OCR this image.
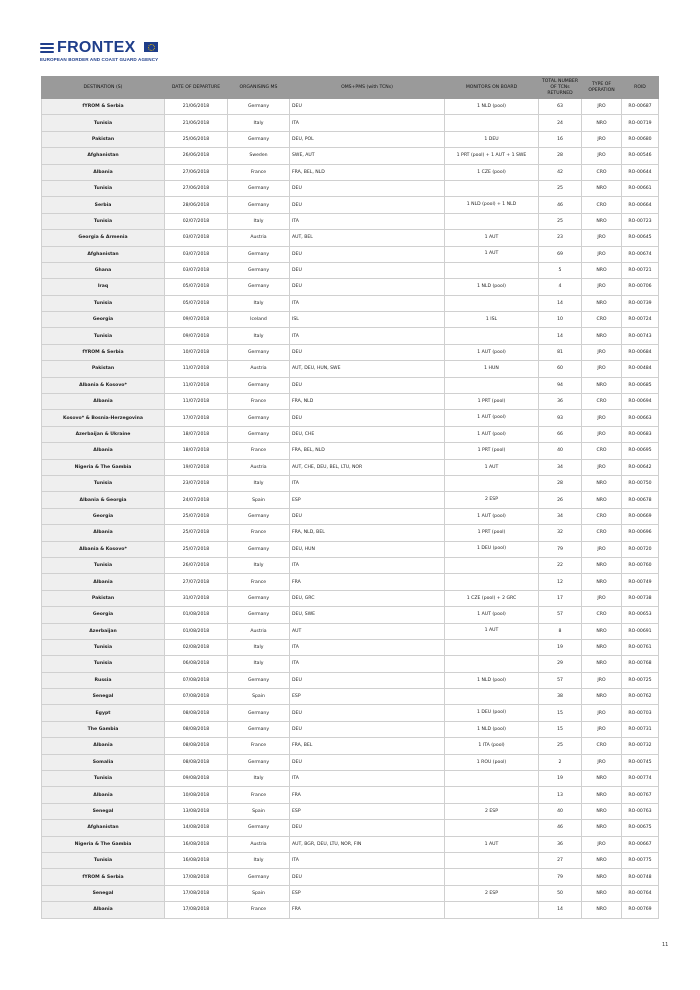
FRONTEX
EUROPEAN BORDER AND COAST GUARD AGENCY
DESTINATION (S)	DATE OF DEPARTURE	ORGANISING MS	OMS+PMS (with TCNs)	MONITORS ON BOARD	TOTAL NUMBER OF TCNs RETURNED	TYPE OF OPERATION	ROID
fYROM & Serbia	21/06/2018	Germany	DEU	1 NLD (pool)	63	JRO	RO-00687
Tunisia	21/06/2018	Italy	ITA		24	NRO	RO-00719
Pakistan	25/06/2018	Germany	DEU, POL	1 DEU	16	JRO	RO-00680
Afghanistan	26/06/2018	Sweden	SWE, AUT	1 PRT (pool) + 1 AUT + 1 SWE	28	JRO	RO-00546
Albania	27/06/2018	France	FRA, BEL, NLD	1 CZE (pool)	42	CRO	RO-00644
Tunisia	27/06/2018	Germany	DEU		25	NRO	RO-00661
Serbia	28/06/2018	Germany	DEU	1 NLD (pool) + 1 NLD	46	CRO	RO-00664
Tunisia	02/07/2018	Italy	ITA		25	NRO	RO-00723
Georgia & Armenia	03/07/2018	Austria	AUT, BEL	1 AUT	23	JRO	RO-00645
Afghanistan	03/07/2018	Germany	DEU	1 AUT	69	JRO	RO-00674
Ghana	03/07/2018	Germany	DEU		5	NRO	RO-00721
Iraq	05/07/2018	Germany	DEU	1 NLD (pool)	4	JRO	RO-00706
Tunisia	05/07/2018	Italy	ITA		14	NRO	RO-00739
Georgia	09/07/2018	Iceland	ISL	1 ISL	10	CRO	RO-00724
Tunisia	09/07/2018	Italy	ITA		14	NRO	RO-00743
fYROM & Serbia	10/07/2018	Germany	DEU	1 AUT (pool)	81	JRO	RO-00684
Pakistan	11/07/2018	Austria	AUT, DEU, HUN, SWE	1 HUN	60	JRO	RO-00484
Albania & Kosovo*	11/07/2018	Germany	DEU		94	NRO	RO-00685
Albania	11/07/2018	France	FRA, NLD	1 PRT (pool)	36	CRO	RO-00694
Kosovo* & Bosnia-Herzegovina	17/07/2018	Germany	DEU	1 AUT (pool)	93	JRO	RO-00663
Azerbaijan & Ukraine	18/07/2018	Germany	DEU, CHE	1 AUT (pool)	66	JRO	RO-00683
Albania	18/07/2018	France	FRA, BEL, NLD	1 PRT (pool)	40	CRO	RO-00695
Nigeria & The Gambia	19/07/2018	Austria	AUT, CHE, DEU, BEL, LTU, NOR	1 AUT	34	JRO	RO-00642
Tunisia	23/07/2018	Italy	ITA		28	NRO	RO-00750
Albania & Georgia	24/07/2018	Spain	ESP	2 ESP	26	NRO	RO-00678
Georgia	25/07/2018	Germany	DEU	1 AUT (pool)	34	CRO	RO-00669
Albania	25/07/2018	France	FRA, NLD, BEL	1 PRT (pool)	32	CRO	RO-00696
Albania & Kosovo*	25/07/2018	Germany	DEU, HUN	1 DEU (pool)	79	JRO	RO-00720
Tunisia	26/07/2018	Italy	ITA		22	NRO	RO-00760
Albania	27/07/2018	France	FRA		12	NRO	RO-00749
Pakistan	31/07/2018	Germany	DEU, GRC	1 CZE (pool) + 2 GRC	17	JRO	RO-00738
Georgia	01/08/2018	Germany	DEU, SWE	1 AUT (pool)	57	CRO	RO-00653
Azerbaijan	01/08/2018	Austria	AUT	1 AUT	8	NRO	RO-00691
Tunisia	02/08/2018	Italy	ITA		19	NRO	RO-00761
Tunisia	06/08/2018	Italy	ITA		29	NRO	RO-00768
Russia	07/08/2018	Germany	DEU	1 NLD (pool)	57	JRO	RO-00725
Senegal	07/08/2018	Spain	ESP		38	NRO	RO-00762
Egypt	08/08/2018	Germany	DEU	1 DEU (pool)	15	JRO	RO-00703
The Gambia	08/08/2018	Germany	DEU	1 NLD (pool)	15	JRO	RO-00731
Albania	08/08/2018	France	FRA, BEL	1 ITA (pool)	25	CRO	RO-00732
Somalia	08/08/2018	Germany	DEU	1 ROU (pool)	2	JRO	RO-00745
Tunisia	09/08/2018	Italy	ITA		19	NRO	RO-00774
Albania	10/08/2018	France	FRA		13	NRO	RO-00767
Senegal	13/08/2018	Spain	ESP	2 ESP	40	NRO	RO-00763
Afghanistan	14/08/2018	Germany	DEU		46	NRO	RO-00675
Nigeria & The Gambia	16/08/2018	Austria	AUT, BGR, DEU, LTU, NOR, FIN	1 AUT	36	JRO	RO-00667
Tunisia	16/08/2018	Italy	ITA		27	NRO	RO-00775
fYROM & Serbia	17/08/2018	Germany	DEU		79	NRO	RO-00748
Senegal	17/08/2018	Spain	ESP	2 ESP	50	NRO	RO-00764
Albania	17/08/2018	France	FRA		14	NRO	RO-00769
11
